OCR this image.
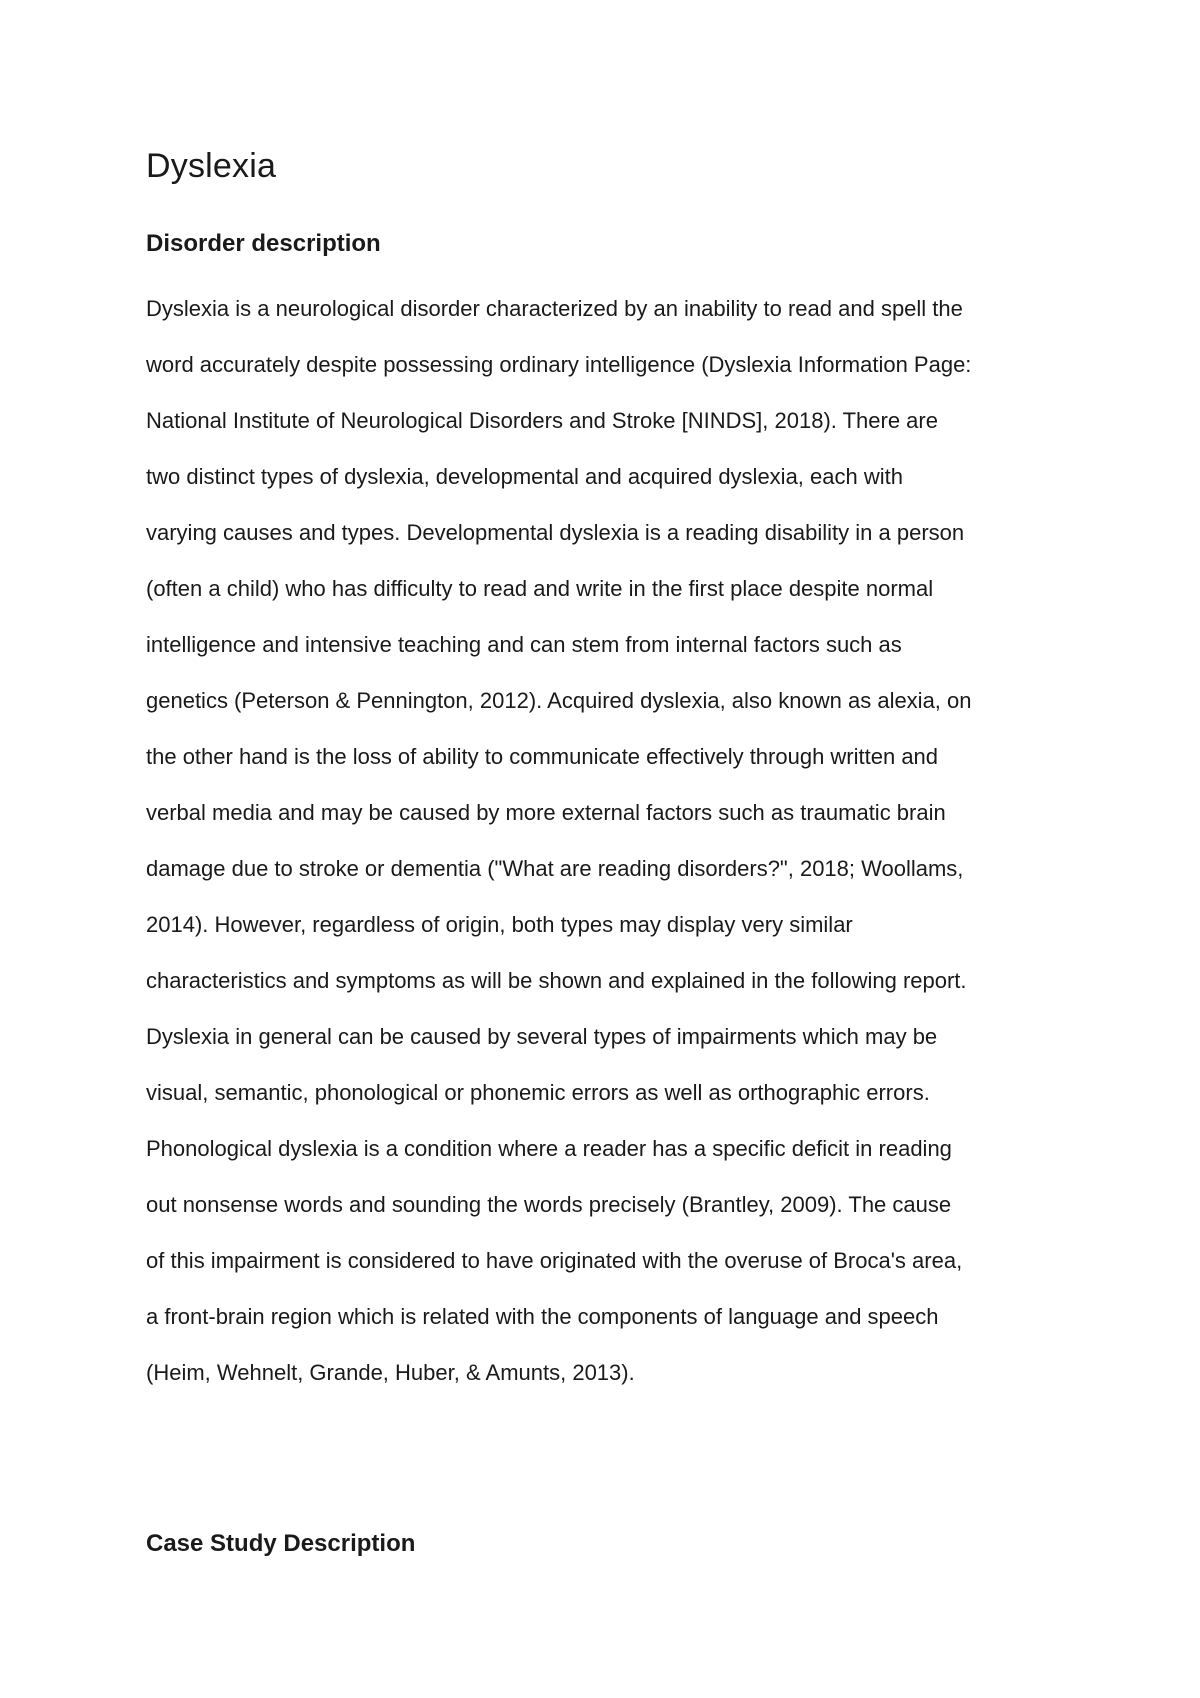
Dyslexia
Disorder description

Dyslexia is a neurological disorder characterized by an inability to read and spell the

word accurately despite possessing ordinary intelligence (Dyslexia Information Page:

National Institute of Neurological Disorders and Stroke [NINDS], 2018). There are

two distinct types of dyslexia, developmental and acquired dyslexia, each with

varying causes and types. Developmental dyslexia is a reading disability in a person

(often a child) who has difficulty to read and write in the first place despite normal

intelligence and intensive teaching and can stem from internal factors such as

genetics (Peterson & Pennington, 2012). Acquired dyslexia, also known as alexia, on

the other hand is the loss of ability to communicate effectively through written and

verbal media and may be caused by more external factors such as traumatic brain

damage due to stroke or dementia ("What are reading disorders?", 2018; Woollams,

2014). However, regardless of origin, both types may display very similar

characteristics and symptoms as will be shown and explained in the following report.

Dyslexia in general can be caused by several types of impairments which may be

visual, semantic, phonological or phonemic errors as well as orthographic errors.

Phonological dyslexia is a condition where a reader has a specific deficit in reading

out nonsense words and sounding the words precisely (Brantley, 2009). The cause

of this impairment is considered to have originated with the overuse of Broca's area,

a front-brain region which is related with the components of language and speech

(Heim, Wehnelt, Grande, Huber, & Amunts, 2013).

Case Study Description
